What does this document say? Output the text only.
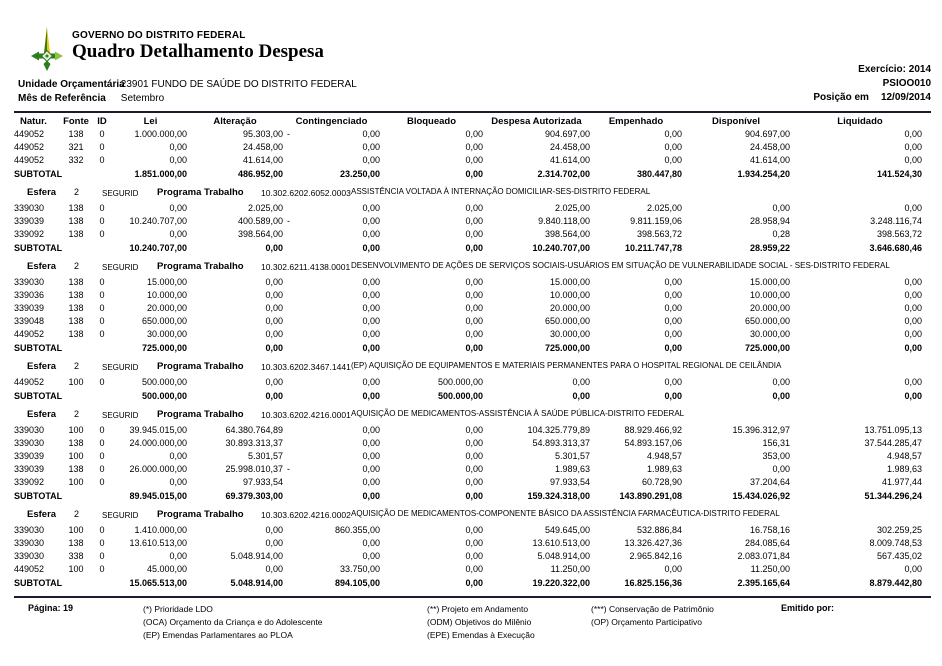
GOVERNO DO DISTRITO FEDERAL
Quadro Detalhamento Despesa
Exercício: 2014
PSIOO010
Posição em 12/09/2014
Unidade Orçamentária 23901 FUNDO DE SAÚDE DO DISTRITO FEDERAL
Mês de Referência Setembro
Natur.	Fonte	ID	Lei	Alteração	Contingenciado	Bloqueado	Despesa Autorizada	Empenhado	Disponível	Liquidado
449052	138	0	1.000.000,00	95.303,00 -	0,00	0,00	904.697,00	0,00	904.697,00	0,00
449052	321	0	0,00	24.458,00	0,00	0,00	24.458,00	0,00	24.458,00	0,00
449052	332	0	0,00	41.614,00	0,00	0,00	41.614,00	0,00	41.614,00	0,00
SUBTOTAL			1.851.000,00	486.952,00	23.250,00	0,00	2.314.702,00	380.447,80	1.934.254,20	141.524,30

Esfera	2	SEGURID	Programa Trabalho	10.302.6202.6052.0003 ASSISTÊNCIA VOLTADA À INTERNAÇÃO DOMICILIAR-SES-DISTRITO FEDERAL

339030	138	0	0,00	2.025,00	0,00	0,00	2.025,00	2.025,00	0,00	0,00
339039	138	0	10.240.707,00	400.589,00 -	0,00	0,00	9.840.118,00	9.811.159,06	28.958,94	3.248.116,74
339092	138	0	0,00	398.564,00	0,00	0,00	398.564,00	398.563,72	0,28	398.563,72
SUBTOTAL			10.240.707,00	0,00	0,00	0,00	10.240.707,00	10.211.747,78	28.959,22	3.646.680,46

Esfera	2	SEGURID	Programa Trabalho	10.302.6211.4138.0001 DESENVOLVIMENTO DE AÇÕES DE SERVIÇOS SOCIAIS-USUÁRIOS EM SITUAÇÃO DE VULNERABILIDADE SOCIAL - SES-DISTRITO FEDERAL

339030	138	0	15.000,00	0,00	0,00	0,00	15.000,00	0,00	15.000,00	0,00
339036	138	0	10.000,00	0,00	0,00	0,00	10.000,00	0,00	10.000,00	0,00
339039	138	0	20.000,00	0,00	0,00	0,00	20.000,00	0,00	20.000,00	0,00
339048	138	0	650.000,00	0,00	0,00	0,00	650.000,00	0,00	650.000,00	0,00
449052	138	0	30.000,00	0,00	0,00	0,00	30.000,00	0,00	30.000,00	0,00
SUBTOTAL			725.000,00	0,00	0,00	0,00	725.000,00	0,00	725.000,00	0,00

Esfera	2	SEGURID	Programa Trabalho	10.303.6202.3467.1441 (EP) AQUISIÇÃO DE EQUIPAMENTOS E MATERIAIS PERMANENTES PARA O HOSPITAL REGIONAL DE CEILÂNDIA

449052	100	0	500.000,00	0,00	0,00	500.000,00	0,00	0,00	0,00	0,00
SUBTOTAL			500.000,00	0,00	0,00	500.000,00	0,00	0,00	0,00	0,00

Esfera	2	SEGURID	Programa Trabalho	10.303.6202.4216.0001 AQUISIÇÃO DE MEDICAMENTOS-ASSISTÊNCIA À SAÚDE PÚBLICA-DISTRITO FEDERAL

339030	100	0	39.945.015,00	64.380.764,89	0,00	0,00	104.325.779,89	88.929.466,92	15.396.312,97	13.751.095,13
339030	138	0	24.000.000,00	30.893.313,37	0,00	0,00	54.893.313,37	54.893.157,06	156,31	37.544.285,47
339039	100	0	0,00	5.301,57	0,00	0,00	5.301,57	4.948,57	353,00	4.948,57
339039	138	0	26.000.000,00	25.998.010,37 -	0,00	0,00	1.989,63	1.989,63	0,00	1.989,63
339092	100	0	0,00	97.933,54	0,00	0,00	97.933,54	60.728,90	37.204,64	41.977,44
SUBTOTAL			89.945.015,00	69.379.303,00	0,00	0,00	159.324.318,00	143.890.291,08	15.434.026,92	51.344.296,24

Esfera	2	SEGURID	Programa Trabalho	10.303.6202.4216.0002 AQUISIÇÃO DE MEDICAMENTOS-COMPONENTE BÁSICO DA ASSISTÊNCIA FARMACÊUTICA-DISTRITO FEDERAL

339030	100	0	1.410.000,00	0,00	860.355,00	0,00	549.645,00	532.886,84	16.758,16	302.259,25
339030	138	0	13.610.513,00	0,00	0,00	0,00	13.610.513,00	13.326.427,36	284.085,64	8.009.748,53
339030	338	0	0,00	5.048.914,00	0,00	0,00	5.048.914,00	2.965.842,16	2.083.071,84	567.435,02
449052	100	0	45.000,00	0,00	33.750,00	0,00	11.250,00	0,00	11.250,00	0,00
SUBTOTAL			15.065.513,00	5.048.914,00	894.105,00	0,00	19.220.322,00	16.825.156,36	2.395.165,64	8.879.442,80
Página: 19	(*) Prioridade LDO
(OCA) Orçamento da Criança e do Adolescente
(EP) Emendas Parlamentares ao PLOA
(**) Projeto em Andamento
(ODM) Objetivos do Milênio
(EPE) Emendas à Execução
(***) Conservação de Patrimônio
(OP) Orçamento Participativo
Emitido por:
